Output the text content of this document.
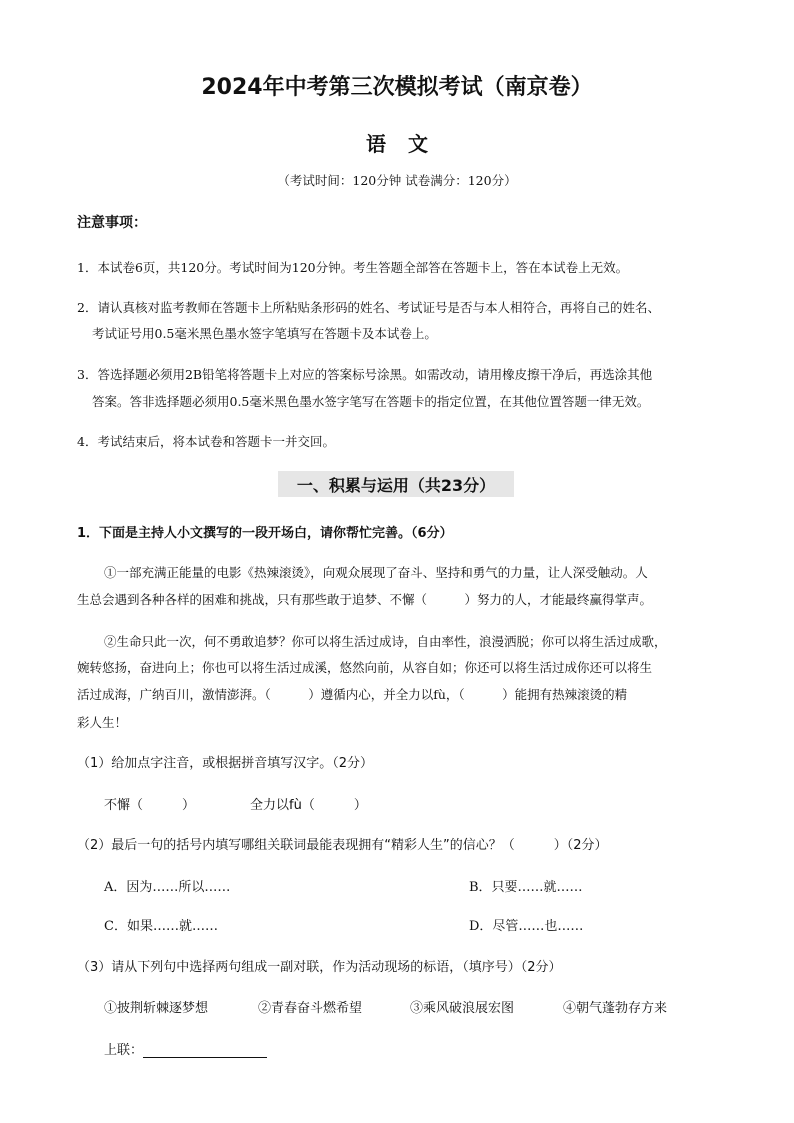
2024年中考第三次模拟考试（南京卷）
语文
（考试时间：120分钟 试卷满分：120分）
注意事项：
1．本试卷6页，共120分。考试时间为120分钟。考生答题全部答在答题卡上，答在本试卷上无效。
2．请认真核对监考教师在答题卡上所粘贴条形码的姓名、考试证号是否与本人相符合，再将自己的姓名、
考试证号用0.5毫米黑色墨水签字笔填写在答题卡及本试卷上。
3．答选择题必须用2B铅笔将答题卡上对应的答案标号涂黑。如需改动，请用橡皮擦干净后，再选涂其他
答案。答非选择题必须用0.5毫米黑色墨水签字笔写在答题卡的指定位置，在其他位置答题一律无效。
4．考试结束后，将本试卷和答题卡一并交回。
一、积累与运用（共23分）
1．下面是主持人小文撰写的一段开场白，请你帮忙完善。（6分）
①一部充满正能量的电影《热辣滚烫》，向观众展现了奋斗、坚持和勇气的力量，让人深受触动。人
生总会遇到各种各样的困难和挑战，只有那些敢于追梦、不懈（　　　）努力的人，才能最终赢得掌声。
②生命只此一次，何不勇敢追梦？你可以将生活过成诗，自由率性，浪漫洒脱；你可以将生活过成歌，
婉转悠扬，奋进向上；你也可以将生活过成溪，悠然向前，从容自如；你还可以将生活过成你还可以将生
活过成海，广纳百川，激情澎湃。（　　　）遵循内心，并全力以fù，（　　　）能拥有热辣滚烫的精
彩人生！
（1）给加点字注音，或根据拼音填写汉字。（2分）
不懈（　　　）	全力以fù（　　　）
（2）最后一句的括号内填写哪组关联词最能表现拥有“精彩人生”的信心？（　　　）（2分）
A．因为……所以……	B．只要……就……
C．如果……就……	D．尽管……也……
（3）请从下列句中选择两句组成一副对联，作为活动现场的标语，（填序号）（2分）
①披荆斩棘逐梦想	②青春奋斗燃希望	③乘风破浪展宏图	④朝气蓬勃存方来
上联：
